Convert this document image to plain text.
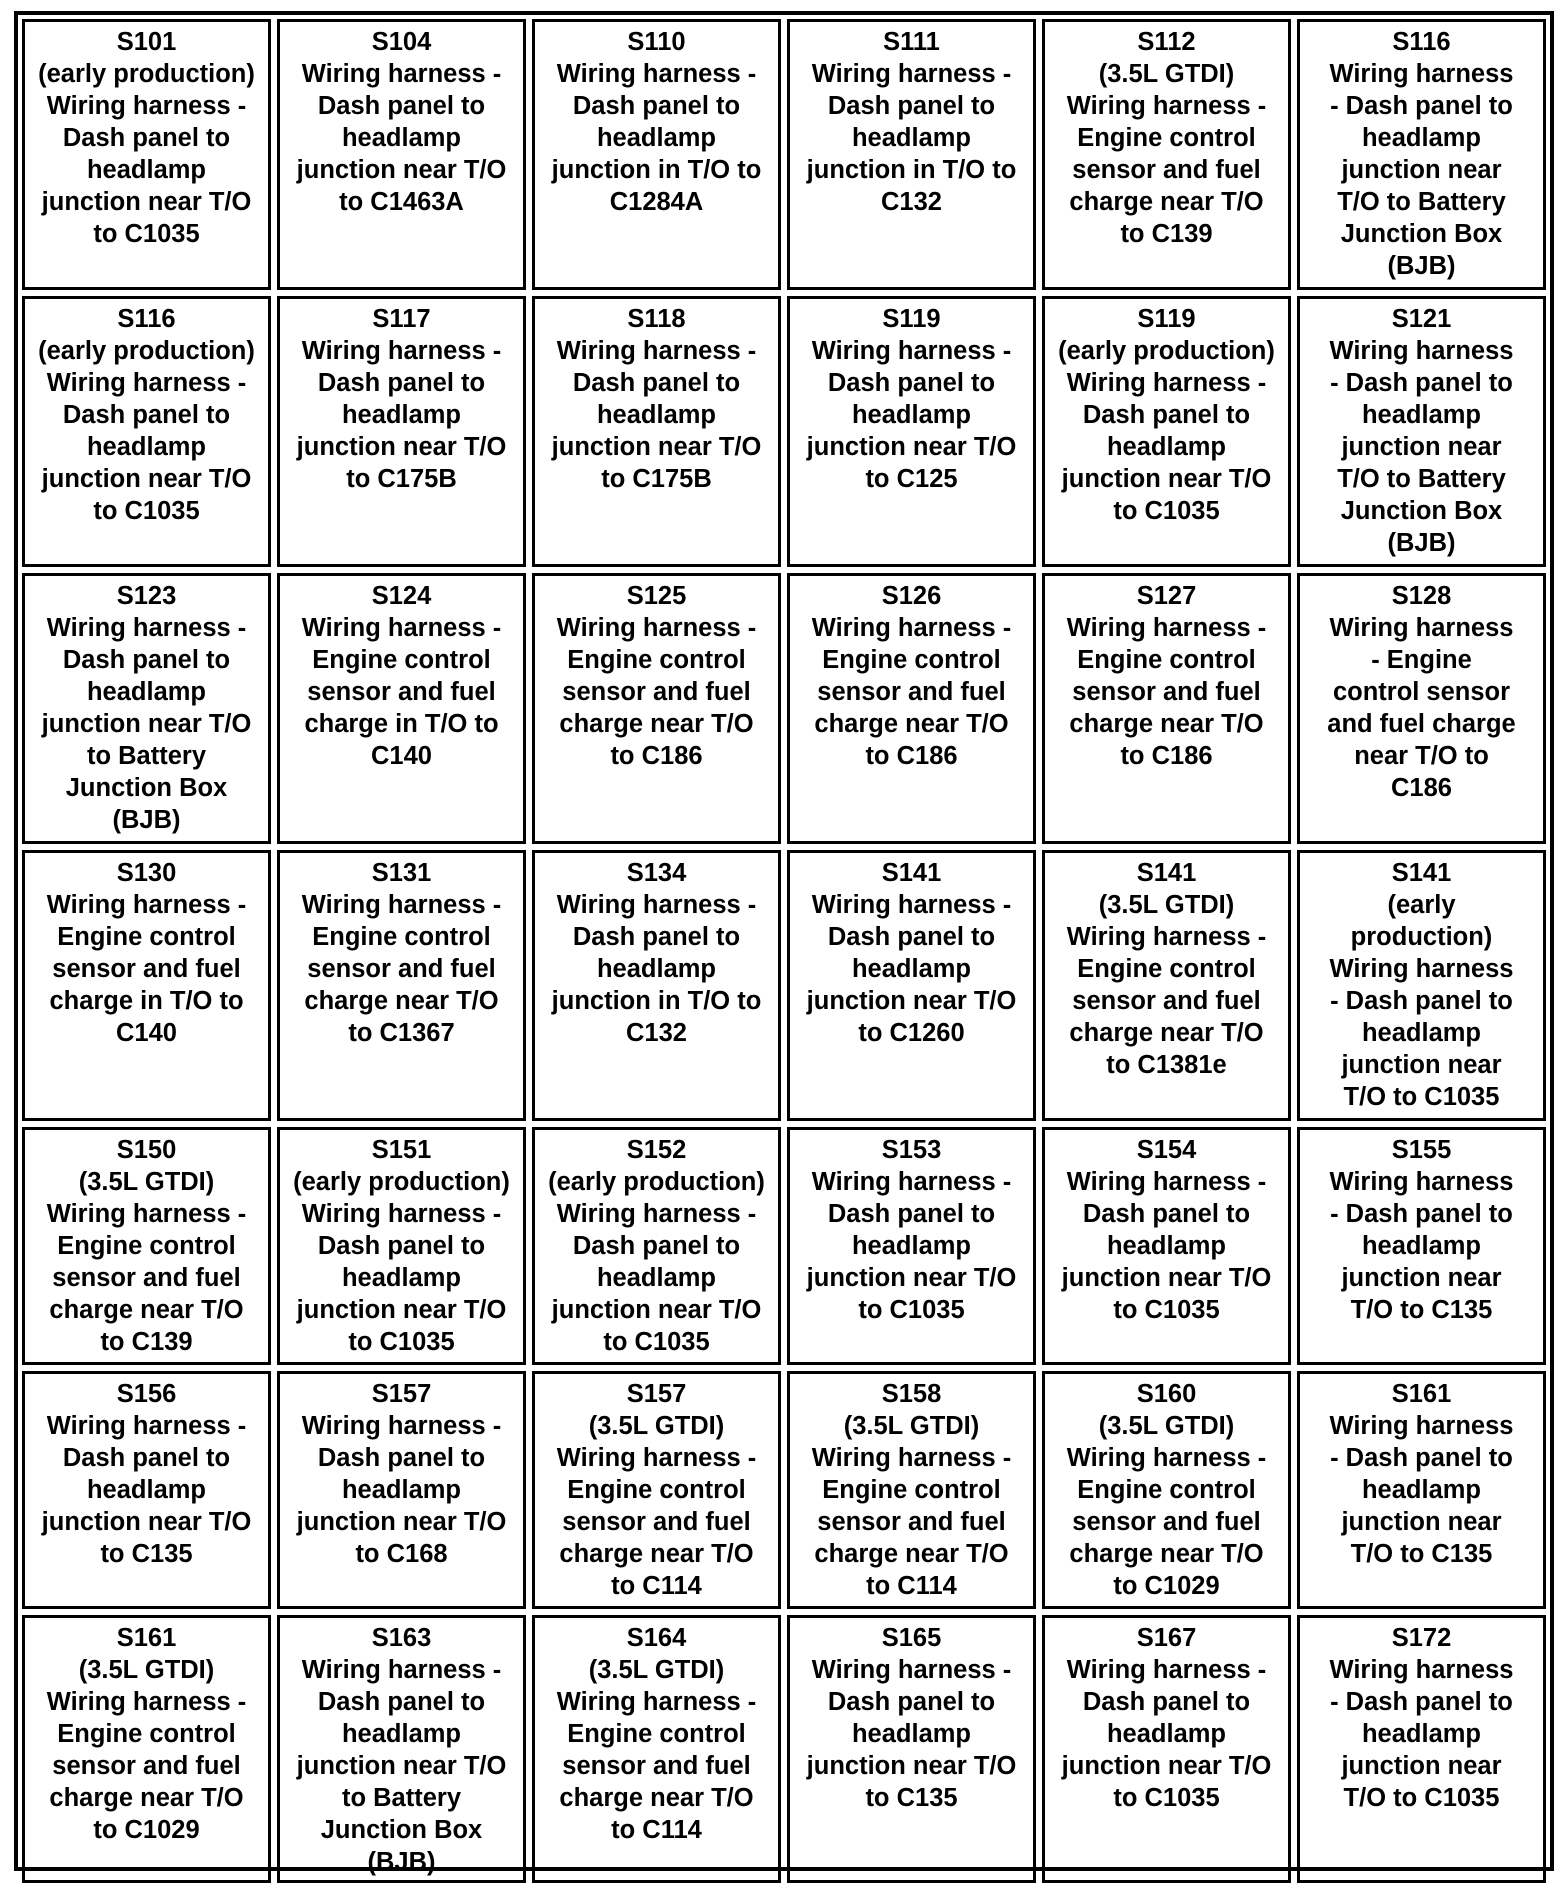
S101
(early production)
Wiring harness -
Dash panel to
headlamp
junction near T/O
to C1035
S104
Wiring harness -
Dash panel to
headlamp
junction near T/O
to C1463A
S110
Wiring harness -
Dash panel to
headlamp
junction in T/O to
C1284A
S111
Wiring harness -
Dash panel to
headlamp
junction in T/O to
C132
S112
(3.5L GTDI)
Wiring harness -
Engine control
sensor and fuel
charge near T/O
to C139
S116
Wiring harness
- Dash panel to
headlamp
junction near
T/O to Battery
Junction Box
(BJB)
S116
(early production)
Wiring harness -
Dash panel to
headlamp
junction near T/O
to C1035
S117
Wiring harness -
Dash panel to
headlamp
junction near T/O
to C175B
S118
Wiring harness -
Dash panel to
headlamp
junction near T/O
to C175B
S119
Wiring harness -
Dash panel to
headlamp
junction near T/O
to C125
S119
(early production)
Wiring harness -
Dash panel to
headlamp
junction near T/O
to C1035
S121
Wiring harness
- Dash panel to
headlamp
junction near
T/O to Battery
Junction Box
(BJB)
S123
Wiring harness -
Dash panel to
headlamp
junction near T/O
to Battery
Junction Box
(BJB)
S124
Wiring harness -
Engine control
sensor and fuel
charge in T/O to
C140
S125
Wiring harness -
Engine control
sensor and fuel
charge near T/O
to C186
S126
Wiring harness -
Engine control
sensor and fuel
charge near T/O
to C186
S127
Wiring harness -
Engine control
sensor and fuel
charge near T/O
to C186
S128
Wiring harness
- Engine
control sensor
and fuel charge
near T/O to
C186
S130
Wiring harness -
Engine control
sensor and fuel
charge in T/O to
C140
S131
Wiring harness -
Engine control
sensor and fuel
charge near T/O
to C1367
S134
Wiring harness -
Dash panel to
headlamp
junction in T/O to
C132
S141
Wiring harness -
Dash panel to
headlamp
junction near T/O
to C1260
S141
(3.5L GTDI)
Wiring harness -
Engine control
sensor and fuel
charge near T/O
to C1381e
S141
(early
production)
Wiring harness
- Dash panel to
headlamp
junction near
T/O to C1035
S150
(3.5L GTDI)
Wiring harness -
Engine control
sensor and fuel
charge near T/O
to C139
S151
(early production)
Wiring harness -
Dash panel to
headlamp
junction near T/O
to C1035
S152
(early production)
Wiring harness -
Dash panel to
headlamp
junction near T/O
to C1035
S153
Wiring harness -
Dash panel to
headlamp
junction near T/O
to C1035
S154
Wiring harness -
Dash panel to
headlamp
junction near T/O
to C1035
S155
Wiring harness
- Dash panel to
headlamp
junction near
T/O to C135
S156
Wiring harness -
Dash panel to
headlamp
junction near T/O
to C135
S157
Wiring harness -
Dash panel to
headlamp
junction near T/O
to C168
S157
(3.5L GTDI)
Wiring harness -
Engine control
sensor and fuel
charge near T/O
to C114
S158
(3.5L GTDI)
Wiring harness -
Engine control
sensor and fuel
charge near T/O
to C114
S160
(3.5L GTDI)
Wiring harness -
Engine control
sensor and fuel
charge near T/O
to C1029
S161
Wiring harness
- Dash panel to
headlamp
junction near
T/O to C135
S161
(3.5L GTDI)
Wiring harness -
Engine control
sensor and fuel
charge near T/O
to C1029
S163
Wiring harness -
Dash panel to
headlamp
junction near T/O
to Battery
Junction Box
(BJB)
S164
(3.5L GTDI)
Wiring harness -
Engine control
sensor and fuel
charge near T/O
to C114
S165
Wiring harness -
Dash panel to
headlamp
junction near T/O
to C135
S167
Wiring harness -
Dash panel to
headlamp
junction near T/O
to C1035
S172
Wiring harness
- Dash panel to
headlamp
junction near
T/O to C1035
